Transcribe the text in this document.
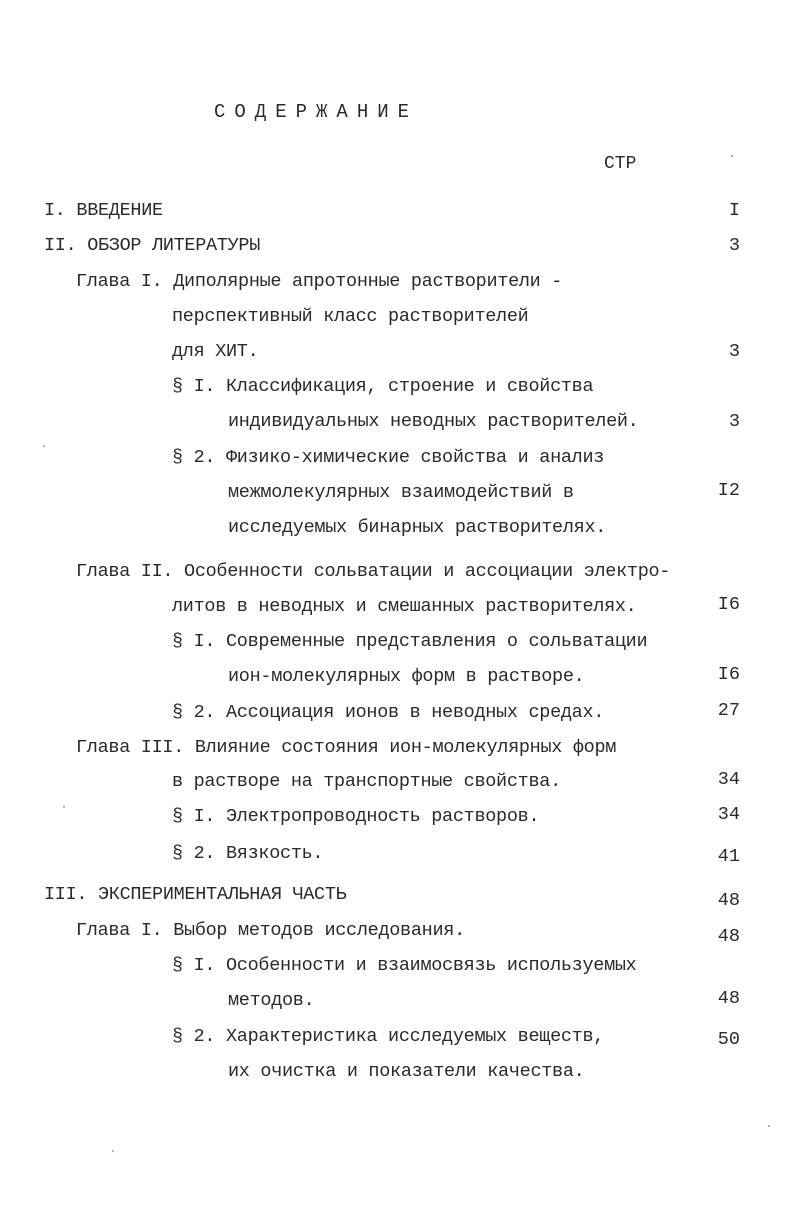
СОДЕРЖАНИЕ
СТР
I. ВВЕДЕНИЕ	I
II. ОБЗОР ЛИТЕРАТУРЫ	3
Глава I. Диполярные апротонные растворители -
перспективный класс растворителей
для ХИТ.	3
§ I. Классификация, строение и свойства
индивидуальных неводных растворителей.	3
§ 2. Физико-химические свойства и анализ
межмолекулярных взаимодействий в	I2
исследуемых бинарных растворителях.
Глава II. Особенности сольватации и ассоциации электро-
литов в неводных и смешанных растворителях.	I6
§ I. Современные представления о сольватации
ион-молекулярных форм в растворе.	I6
§ 2. Ассоциация ионов в неводных средах.	27
Глава III. Влияние состояния ион-молекулярных форм
в растворе на транспортные свойства.	34
§ I. Электропроводность растворов.	34
§ 2. Вязкость.	41
III. ЭКСПЕРИМЕНТАЛЬНАЯ ЧАСТЬ	48
Глава I. Выбор методов исследования.	48
§ I. Особенности и взаимосвязь используемых
методов.	48
§ 2. Характеристика исследуемых веществ,	50
их очистка и показатели качества.
